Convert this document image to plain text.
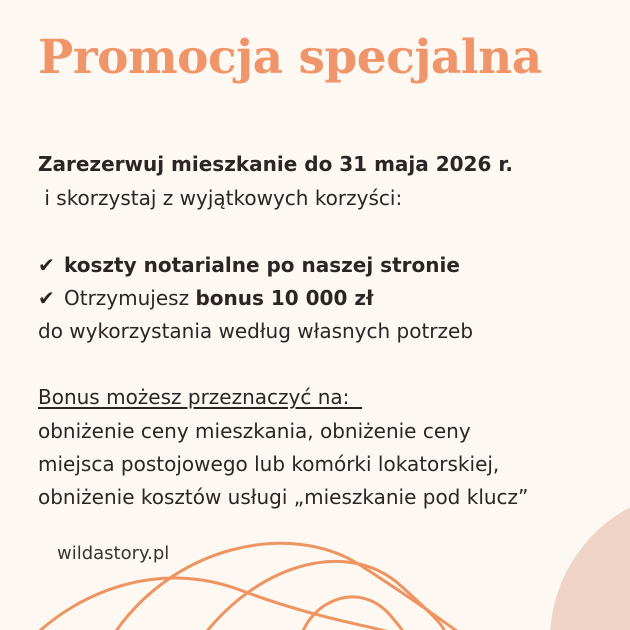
Promocja specjalna
Zarezerwuj mieszkanie do 31 maja 2026 r.
i skorzystaj z wyjątkowych korzyści:
✔ koszty notarialne po naszej stronie
✔ Otrzymujesz bonus 10 000 zł
do wykorzystania według własnych potrzeb
Bonus możesz przeznaczyć na:
obniżenie ceny mieszkania, obniżenie ceny
miejsca postojowego lub komórki lokatorskiej,
obniżenie kosztów usługi „mieszkanie pod klucz”
wildastory.pl
